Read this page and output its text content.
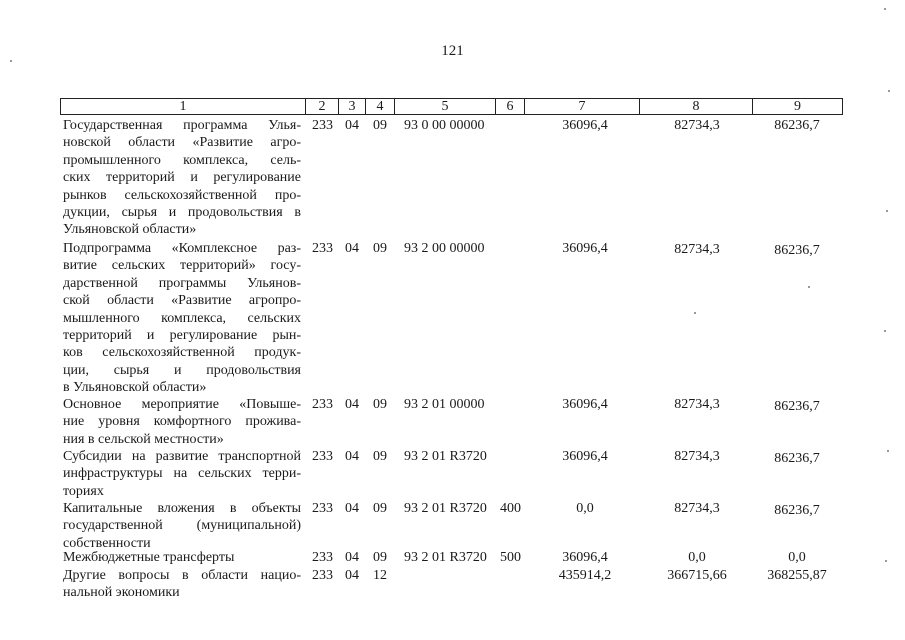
121
1	2	3	4	5	6	7	8	9
Государственная программа Улья-
новской области «Развитие агро-
промышленного комплекса, сель-
ских территорий и регулирование
рынков сельскохозяйственной про-
дукции, сырья и продовольствия в
Ульяновской области»
233 04 09 93 0 00 00000	36096,4	82734,3	86236,7
Подпрограмма «Комплексное раз-
витие сельских территорий» госу-
дарственной программы Ульянов-
ской области «Развитие агропро-
мышленного комплекса, сельских
территорий и регулирование рын-
ков сельскохозяйственной продук-
ции, сырья и продовольствия
в Ульяновской области»
233 04 09 93 2 00 00000	36096,4	82734,3	86236,7
Основное мероприятие «Повыше-
ние уровня комфортного прожива-
ния в сельской местности»
233 04 09 93 2 01 00000	36096,4	82734,3	86236,7
Субсидии на развитие транспортной
инфраструктуры на сельских терри-
ториях
233 04 09 93 2 01 R3720	36096,4	82734,3	86236,7
Капитальные вложения в объекты
государственной (муниципальной)
собственности
233 04 09 93 2 01 R3720 400	0,0	82734,3	86236,7
Межбюджетные трансферты	233 04 09 93 2 01 R3720 500	36096,4	0,0	0,0
Другие вопросы в области нацио-
нальной экономики
233 04 12	435914,2	366715,66	368255,87
